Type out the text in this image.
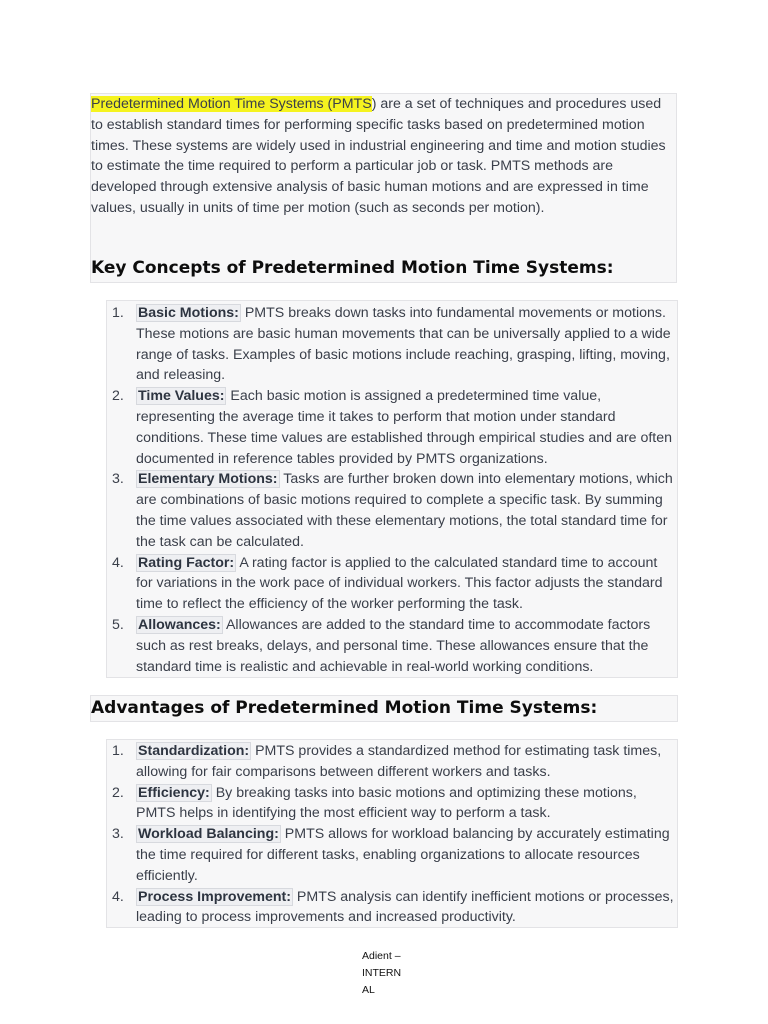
Predetermined Motion Time Systems (PMTS) are a set of techniques and procedures used to establish standard times for performing specific tasks based on predetermined motion times. These systems are widely used in industrial engineering and time and motion studies to estimate the time required to perform a particular job or task. PMTS methods are developed through extensive analysis of basic human motions and are expressed in time values, usually in units of time per motion (such as seconds per motion).

Key Concepts of Predetermined Motion Time Systems:
1. Basic Motions: PMTS breaks down tasks into fundamental movements or motions. These motions are basic human movements that can be universally applied to a wide range of tasks. Examples of basic motions include reaching, grasping, lifting, moving, and releasing.
2. Time Values: Each basic motion is assigned a predetermined time value, representing the average time it takes to perform that motion under standard conditions. These time values are established through empirical studies and are often documented in reference tables provided by PMTS organizations.
3. Elementary Motions: Tasks are further broken down into elementary motions, which are combinations of basic motions required to complete a specific task. By summing the time values associated with these elementary motions, the total standard time for the task can be calculated.
4. Rating Factor: A rating factor is applied to the calculated standard time to account for variations in the work pace of individual workers. This factor adjusts the standard time to reflect the efficiency of the worker performing the task.
5. Allowances: Allowances are added to the standard time to accommodate factors such as rest breaks, delays, and personal time. These allowances ensure that the standard time is realistic and achievable in real-world working conditions.
Advantages of Predetermined Motion Time Systems:
1. Standardization: PMTS provides a standardized method for estimating task times, allowing for fair comparisons between different workers and tasks.
2. Efficiency: By breaking tasks into basic motions and optimizing these motions, PMTS helps in identifying the most efficient way to perform a task.
3. Workload Balancing: PMTS allows for workload balancing by accurately estimating the time required for different tasks, enabling organizations to allocate resources efficiently.
4. Process Improvement: PMTS analysis can identify inefficient motions or processes, leading to process improvements and increased productivity.
Adient –
INTERN
AL
